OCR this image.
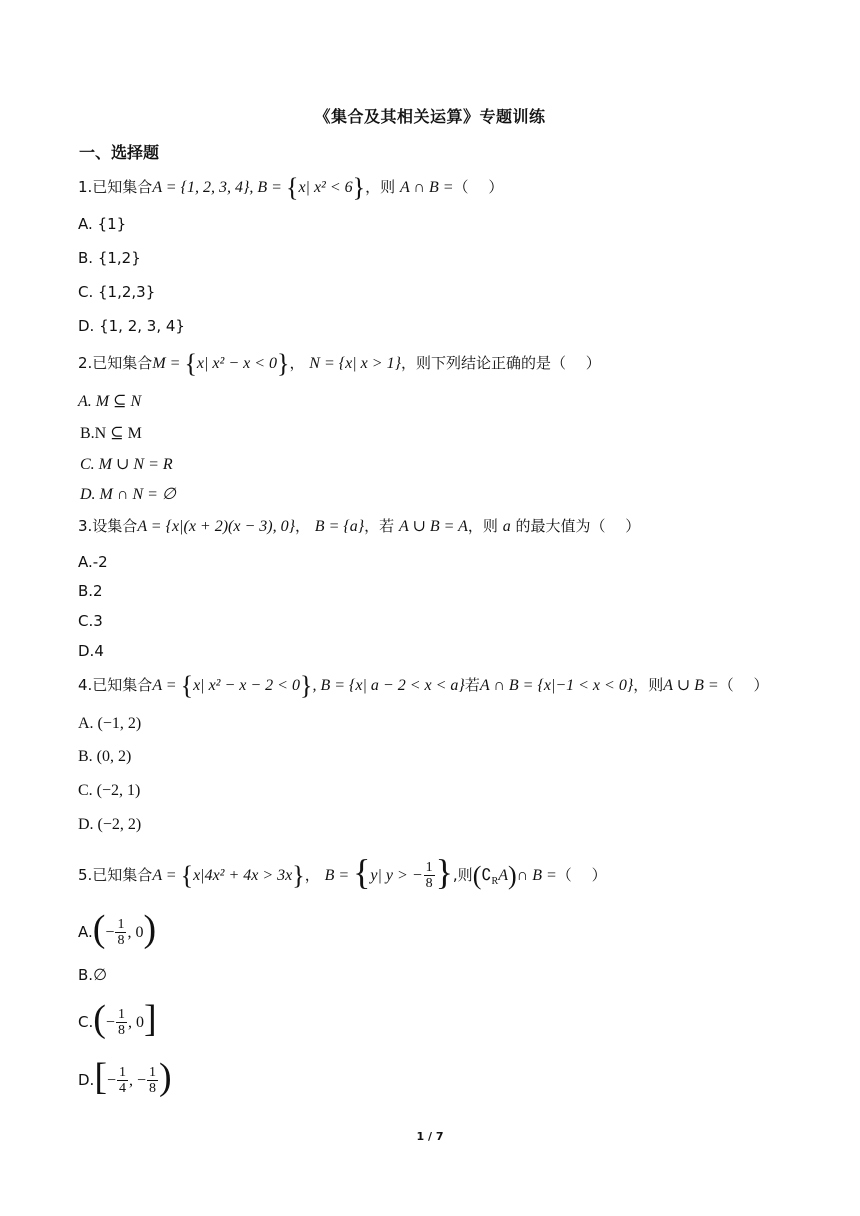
《集合及其相关运算》专题训练
一、选择题
1.已知集合A = {1, 2, 3, 4}, B = {x| x² < 6}，则 A ∩ B =（　 ）
A. {1}
B. {1,2}
C. {1,2,3}
D. {1, 2, 3, 4}
2.已知集合M = {x| x² − x < 0}， N = {x| x > 1}，则下列结论正确的是（　 ）
A. M ⊆ N
B.N ⊆ M
C. M ∪ N = R
D. M ∩ N = ∅
3.设集合A = {x|(x + 2)(x − 3), 0}， B = {a}，若 A ∪ B = A，则 a 的最大值为（　 ）
A.-2
B.2
C.3
D.4
4.已知集合A = {x| x² − x − 2 < 0}, B = {x| a − 2 < x < a}若A ∩ B = {x|−1 < x < 0}，则A ∪ B =（　 ）
A. (−1, 2)
B. (0, 2)
C. (−2, 1)
D. (−2, 2)
5.已知集合A = {x|4x² + 4x > 3x}， B = {y| y > − $\frac{1}{8}$ },则$(∁_RA)\cap$ B =（　 ）
$A.(- \frac{1}{8}$ , 0)
B.∅
$C.(- \frac{1}{8}$ , 0]
$D.[- \frac{1}{4}$ , − $\frac{1}{8}$ )
1 / 7
